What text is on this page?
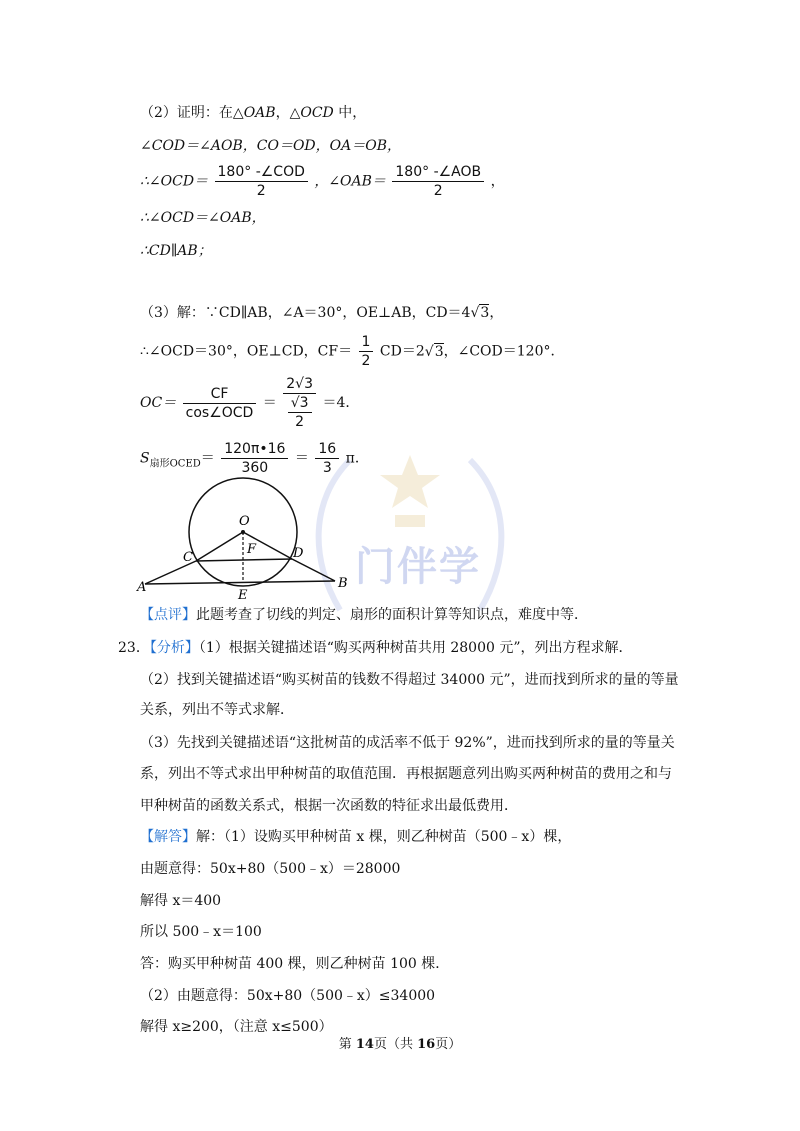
门伴学
（2）证明：在△OAB，△OCD 中，
∠COD＝∠AOB，CO＝OD，OA＝OB，
∴∠OCD＝ $\frac{\text{180° -∠COD}}{2}$ ，∠OAB＝ $\frac{\text{180° -∠AOB}}{2}$ ，
∴∠OCD＝∠OAB，
∴CD∥AB；
（3）解：∵CD∥AB，∠A＝30°，OE⊥AB，CD＝4√3，
∴∠OCD＝30°，OE⊥CD，$CF= \frac{1}{2} CD=2√3$，∠COD＝120°．
$OC= \frac{CF}{\text{cos∠OCD}} = \frac{2√3}{\frac{√3}{2}} =4$．
$S_{扇形OCED}= \frac{120\pi•16}{360} = \frac{16}{3}$ π．
O
F
C	D
A	B
E
【点评】此题考查了切线的判定、扇形的面积计算等知识点，难度中等．
23．【分析】（1）根据关键描述语“购买两种树苗共用 28000 元”，列出方程求解．
（2）找到关键描述语“购买树苗的钱数不得超过 34000 元”，进而找到所求的量的等量
关系，列出不等式求解．
（3）先找到关键描述语“这批树苗的成活率不低于 92%”，进而找到所求的量的等量关
系，列出不等式求出甲种树苗的取值范围．再根据题意列出购买两种树苗的费用之和与
甲种树苗的函数关系式，根据一次函数的特征求出最低费用．
【解答】解：（1）设购买甲种树苗 x 棵，则乙种树苗（500﹣x）棵，
由题意得：50x+80（500﹣x）＝28000
解得 x＝400
所以 500﹣x＝100
答：购买甲种树苗 400 棵，则乙种树苗 100 棵．
（2）由题意得：50x+80（500﹣x）≤34000
解得 x≥200，（注意 x≤500）
第 14页（共 16页）
